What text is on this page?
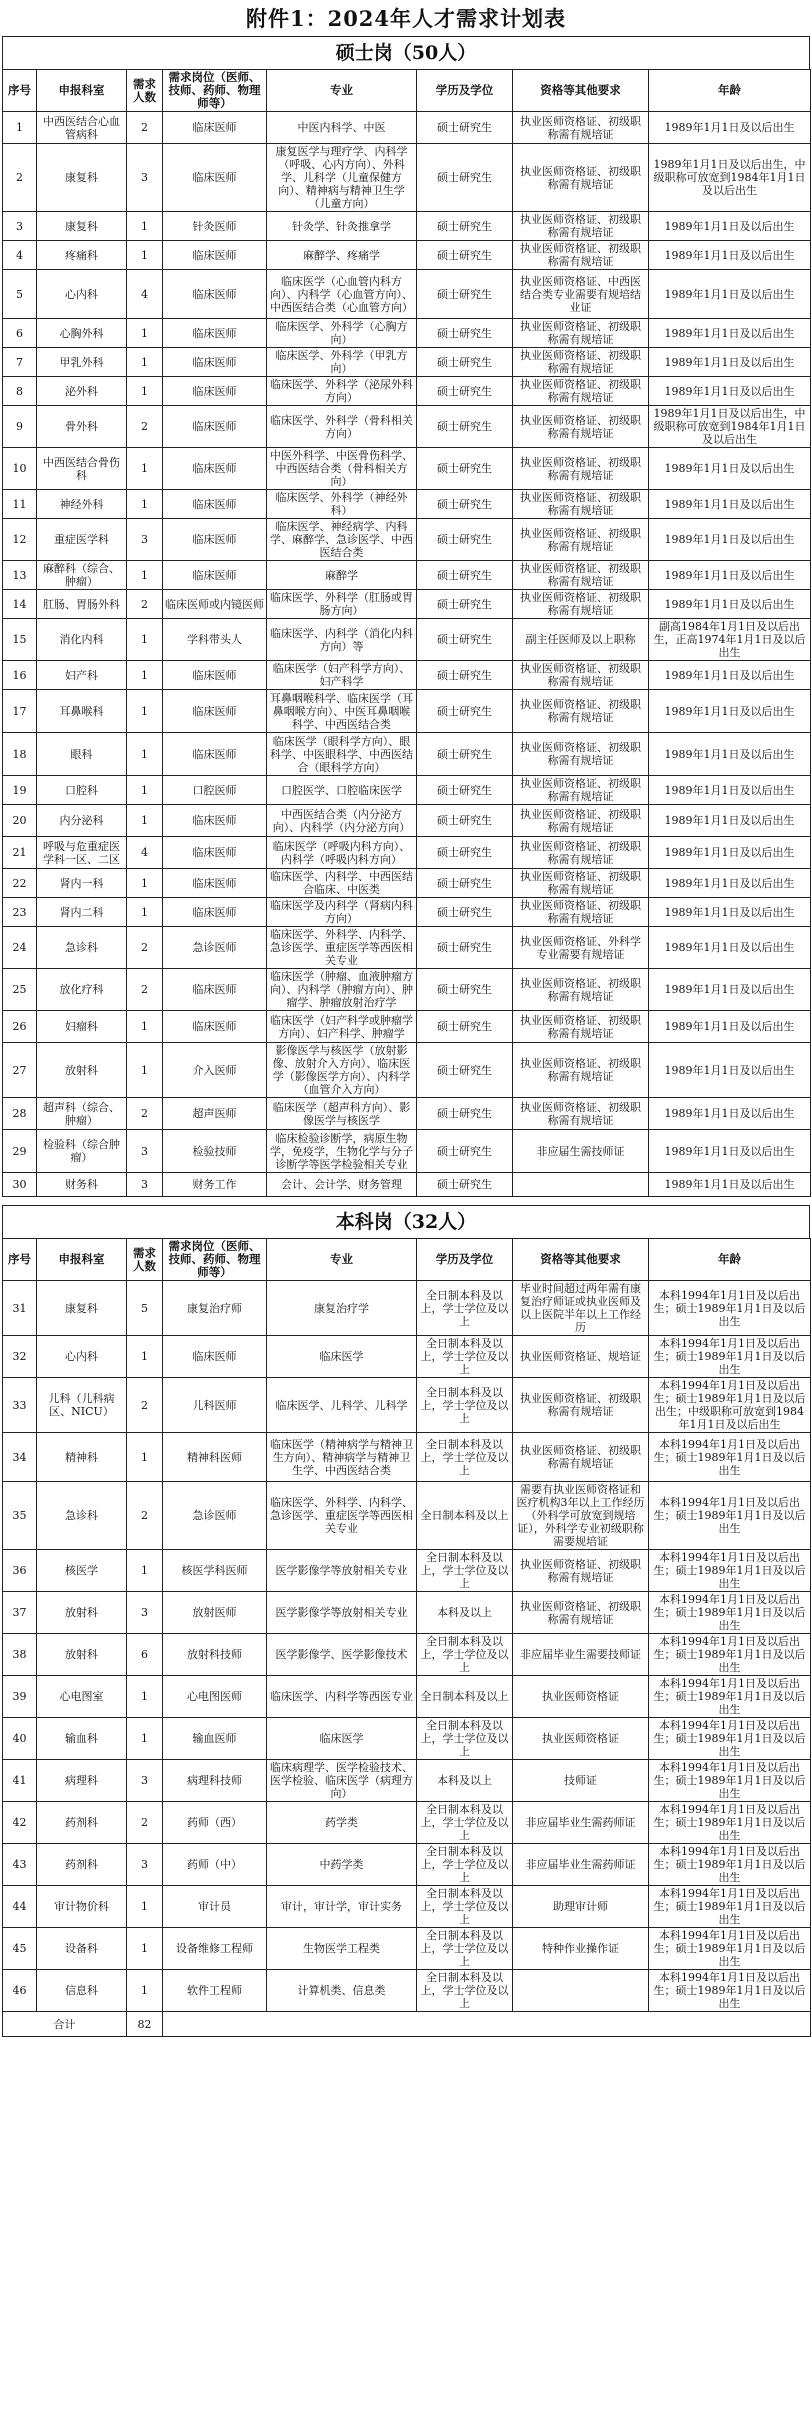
附件1：2024年人才需求计划表
硕士岗（50人）
序号	申报科室	需求人数	需求岗位（医师、技师、药师、物理师等）	专业	学历及学位	资格等其他要求	年龄
1	中西医结合心血管病科	2	临床医师	中医内科学、中医	硕士研究生	执业医师资格证、初级职称需有规培证	1989年1月1日及以后出生
2	康复科	3	临床医师	康复医学与理疗学、内科学（呼吸、心内方向）、外科学、儿科学（儿童保健方向）、精神病与精神卫生学（儿童方向）	硕士研究生	执业医师资格证、初级职称需有规培证	1989年1月1日及以后出生，中级职称可放宽到1984年1月1日及以后出生
3	康复科	1	针灸医师	针灸学、针灸推拿学	硕士研究生	执业医师资格证、初级职称需有规培证	1989年1月1日及以后出生
4	疼痛科	1	临床医师	麻醉学、疼痛学	硕士研究生	执业医师资格证、初级职称需有规培证	1989年1月1日及以后出生
5	心内科	4	临床医师	临床医学（心血管内科方向）、内科学（心血管方向）、中西医结合类（心血管方向）	硕士研究生	执业医师资格证、中西医结合类专业需要有规培结业证	1989年1月1日及以后出生
6	心胸外科	1	临床医师	临床医学、外科学（心胸方向）	硕士研究生	执业医师资格证、初级职称需有规培证	1989年1月1日及以后出生
7	甲乳外科	1	临床医师	临床医学、外科学（甲乳方向）	硕士研究生	执业医师资格证、初级职称需有规培证	1989年1月1日及以后出生
8	泌外科	1	临床医师	临床医学、外科学（泌尿外科方向）	硕士研究生	执业医师资格证、初级职称需有规培证	1989年1月1日及以后出生
9	骨外科	2	临床医师	临床医学、外科学（骨科相关方向）	硕士研究生	执业医师资格证、初级职称需有规培证	1989年1月1日及以后出生，中级职称可放宽到1984年1月1日及以后出生
10	中西医结合骨伤科	1	临床医师	中医外科学、中医骨伤科学、中西医结合类（骨科相关方向）	硕士研究生	执业医师资格证、初级职称需有规培证	1989年1月1日及以后出生
11	神经外科	1	临床医师	临床医学、外科学（神经外科）	硕士研究生	执业医师资格证、初级职称需有规培证	1989年1月1日及以后出生
12	重症医学科	3	临床医师	临床医学、神经病学、内科学、麻醉学、急诊医学、中西医结合类	硕士研究生	执业医师资格证、初级职称需有规培证	1989年1月1日及以后出生
13	麻醉科（综合、肿瘤）	1	临床医师	麻醉学	硕士研究生	执业医师资格证、初级职称需有规培证	1989年1月1日及以后出生
14	肛肠、胃肠外科	2	临床医师或内镜医师	临床医学、外科学（肛肠或胃肠方向）	硕士研究生	执业医师资格证、初级职称需有规培证	1989年1月1日及以后出生
15	消化内科	1	学科带头人	临床医学、内科学（消化内科方向）等	硕士研究生	副主任医师及以上职称	副高1984年1月1日及以后出生，正高1974年1月1日及以后出生
16	妇产科	1	临床医师	临床医学（妇产科学方向）、妇产科学	硕士研究生	执业医师资格证、初级职称需有规培证	1989年1月1日及以后出生
17	耳鼻喉科	1	临床医师	耳鼻咽喉科学、临床医学（耳鼻咽喉方向）、中医耳鼻咽喉科学、中西医结合类	硕士研究生	执业医师资格证、初级职称需有规培证	1989年1月1日及以后出生
18	眼科	1	临床医师	临床医学（眼科学方向）、眼科学、中医眼科学、中西医结合（眼科学方向）	硕士研究生	执业医师资格证、初级职称需有规培证	1989年1月1日及以后出生
19	口腔科	1	口腔医师	口腔医学、口腔临床医学	硕士研究生	执业医师资格证、初级职称需有规培证	1989年1月1日及以后出生
20	内分泌科	1	临床医师	中西医结合类（内分泌方向）、内科学（内分泌方向）	硕士研究生	执业医师资格证、初级职称需有规培证	1989年1月1日及以后出生
21	呼吸与危重症医学科一区、二区	4	临床医师	临床医学（呼吸内科方向）、内科学（呼吸内科方向）	硕士研究生	执业医师资格证、初级职称需有规培证	1989年1月1日及以后出生
22	肾内一科	1	临床医师	临床医学、内科学、中西医结合临床、中医类	硕士研究生	执业医师资格证、初级职称需有规培证	1989年1月1日及以后出生
23	肾内二科	1	临床医师	临床医学及内科学（肾病内科方向）	硕士研究生	执业医师资格证、初级职称需有规培证	1989年1月1日及以后出生
24	急诊科	2	急诊医师	临床医学、外科学、内科学、急诊医学、重症医学等西医相关专业	硕士研究生	执业医师资格证、外科学专业需要有规培证	1989年1月1日及以后出生
25	放化疗科	2	临床医师	临床医学（肿瘤、血液肿瘤方向）、内科学（肿瘤方向）、肿瘤学、肿瘤放射治疗学	硕士研究生	执业医师资格证、初级职称需有规培证	1989年1月1日及以后出生
26	妇瘤科	1	临床医师	临床医学（妇产科学或肿瘤学方向）、妇产科学、肿瘤学	硕士研究生	执业医师资格证、初级职称需有规培证	1989年1月1日及以后出生
27	放射科	1	介入医师	影像医学与核医学（放射影像、放射介入方向）、临床医学（影像医学方向）、内科学（血管介入方向）	硕士研究生	执业医师资格证、初级职称需有规培证	1989年1月1日及以后出生
28	超声科（综合、肿瘤）	2	超声医师	临床医学（超声科方向）、影像医学与核医学	硕士研究生	执业医师资格证、初级职称需有规培证	1989年1月1日及以后出生
29	检验科（综合肿瘤）	3	检验技师	临床检验诊断学，病原生物学，免疫学，生物化学与分子诊断学等医学检验相关专业	硕士研究生	非应届生需技师证	1989年1月1日及以后出生
30	财务科	3	财务工作	会计、会计学、财务管理	硕士研究生		1989年1月1日及以后出生
本科岗（32人）
序号	申报科室	需求人数	需求岗位（医师、技师、药师、物理师等）	专业	学历及学位	资格等其他要求	年龄
31	康复科	5	康复治疗师	康复治疗学	全日制本科及以上，学士学位及以上	毕业时间超过两年需有康复治疗师证或执业医师及以上医院半年以上工作经历	本科1994年1月1日及以后出生；硕士1989年1月1日及以后出生
32	心内科	1	临床医师	临床医学	全日制本科及以上，学士学位及以上	执业医师资格证、规培证	本科1994年1月1日及以后出生；硕士1989年1月1日及以后出生
33	儿科（儿科病区、NICU）	2	儿科医师	临床医学、儿科学、儿科学	全日制本科及以上，学士学位及以上	执业医师资格证、初级职称需有规培证	本科1994年1月1日及以后出生；硕士1989年1月1日及以后出生；中级职称可放宽到1984年1月1日及以后出生
34	精神科	1	精神科医师	临床医学（精神病学与精神卫生方向）、精神病学与精神卫生学、中西医结合类	全日制本科及以上，学士学位及以上	执业医师资格证、初级职称需有规培证	本科1994年1月1日及以后出生；硕士1989年1月1日及以后出生
35	急诊科	2	急诊医师	临床医学、外科学、内科学、急诊医学、重症医学等西医相关专业	全日制本科及以上	需要有执业医师资格证和医疗机构3年以上工作经历（外科学可放宽到规培证），外科学专业初级职称需要规培证	本科1994年1月1日及以后出生；硕士1989年1月1日及以后出生
36	核医学	1	核医学科医师	医学影像学等放射相关专业	全日制本科及以上，学士学位及以上	执业医师资格证、初级职称需有规培证	本科1994年1月1日及以后出生；硕士1989年1月1日及以后出生
37	放射科	3	放射医师	医学影像学等放射相关专业	本科及以上	执业医师资格证、初级职称需有规培证	本科1994年1月1日及以后出生；硕士1989年1月1日及以后出生
38	放射科	6	放射科技师	医学影像学、医学影像技术	全日制本科及以上，学士学位及以上	非应届毕业生需要技师证	本科1994年1月1日及以后出生；硕士1989年1月1日及以后出生
39	心电图室	1	心电图医师	临床医学、内科学等西医专业	全日制本科及以上	执业医师资格证	本科1994年1月1日及以后出生；硕士1989年1月1日及以后出生
40	输血科	1	输血医师	临床医学	全日制本科及以上，学士学位及以上	执业医师资格证	本科1994年1月1日及以后出生；硕士1989年1月1日及以后出生
41	病理科	3	病理科技师	临床病理学、医学检验技术、医学检验、临床医学（病理方向）	本科及以上	技师证	本科1994年1月1日及以后出生；硕士1989年1月1日及以后出生
42	药剂科	2	药师（西）	药学类	全日制本科及以上，学士学位及以上	非应届毕业生需药师证	本科1994年1月1日及以后出生；硕士1989年1月1日及以后出生
43	药剂科	3	药师（中）	中药学类	全日制本科及以上，学士学位及以上	非应届毕业生需药师证	本科1994年1月1日及以后出生；硕士1989年1月1日及以后出生
44	审计物价科	1	审计员	审计，审计学，审计实务	全日制本科及以上，学士学位及以上	助理审计师	本科1994年1月1日及以后出生；硕士1989年1月1日及以后出生
45	设备科	1	设备维修工程师	生物医学工程类	全日制本科及以上，学士学位及以上	特种作业操作证	本科1994年1月1日及以后出生；硕士1989年1月1日及以后出生
46	信息科	1	软件工程师	计算机类、信息类	全日制本科及以上，学士学位及以上		本科1994年1月1日及以后出生；硕士1989年1月1日及以后出生
合计		82					
